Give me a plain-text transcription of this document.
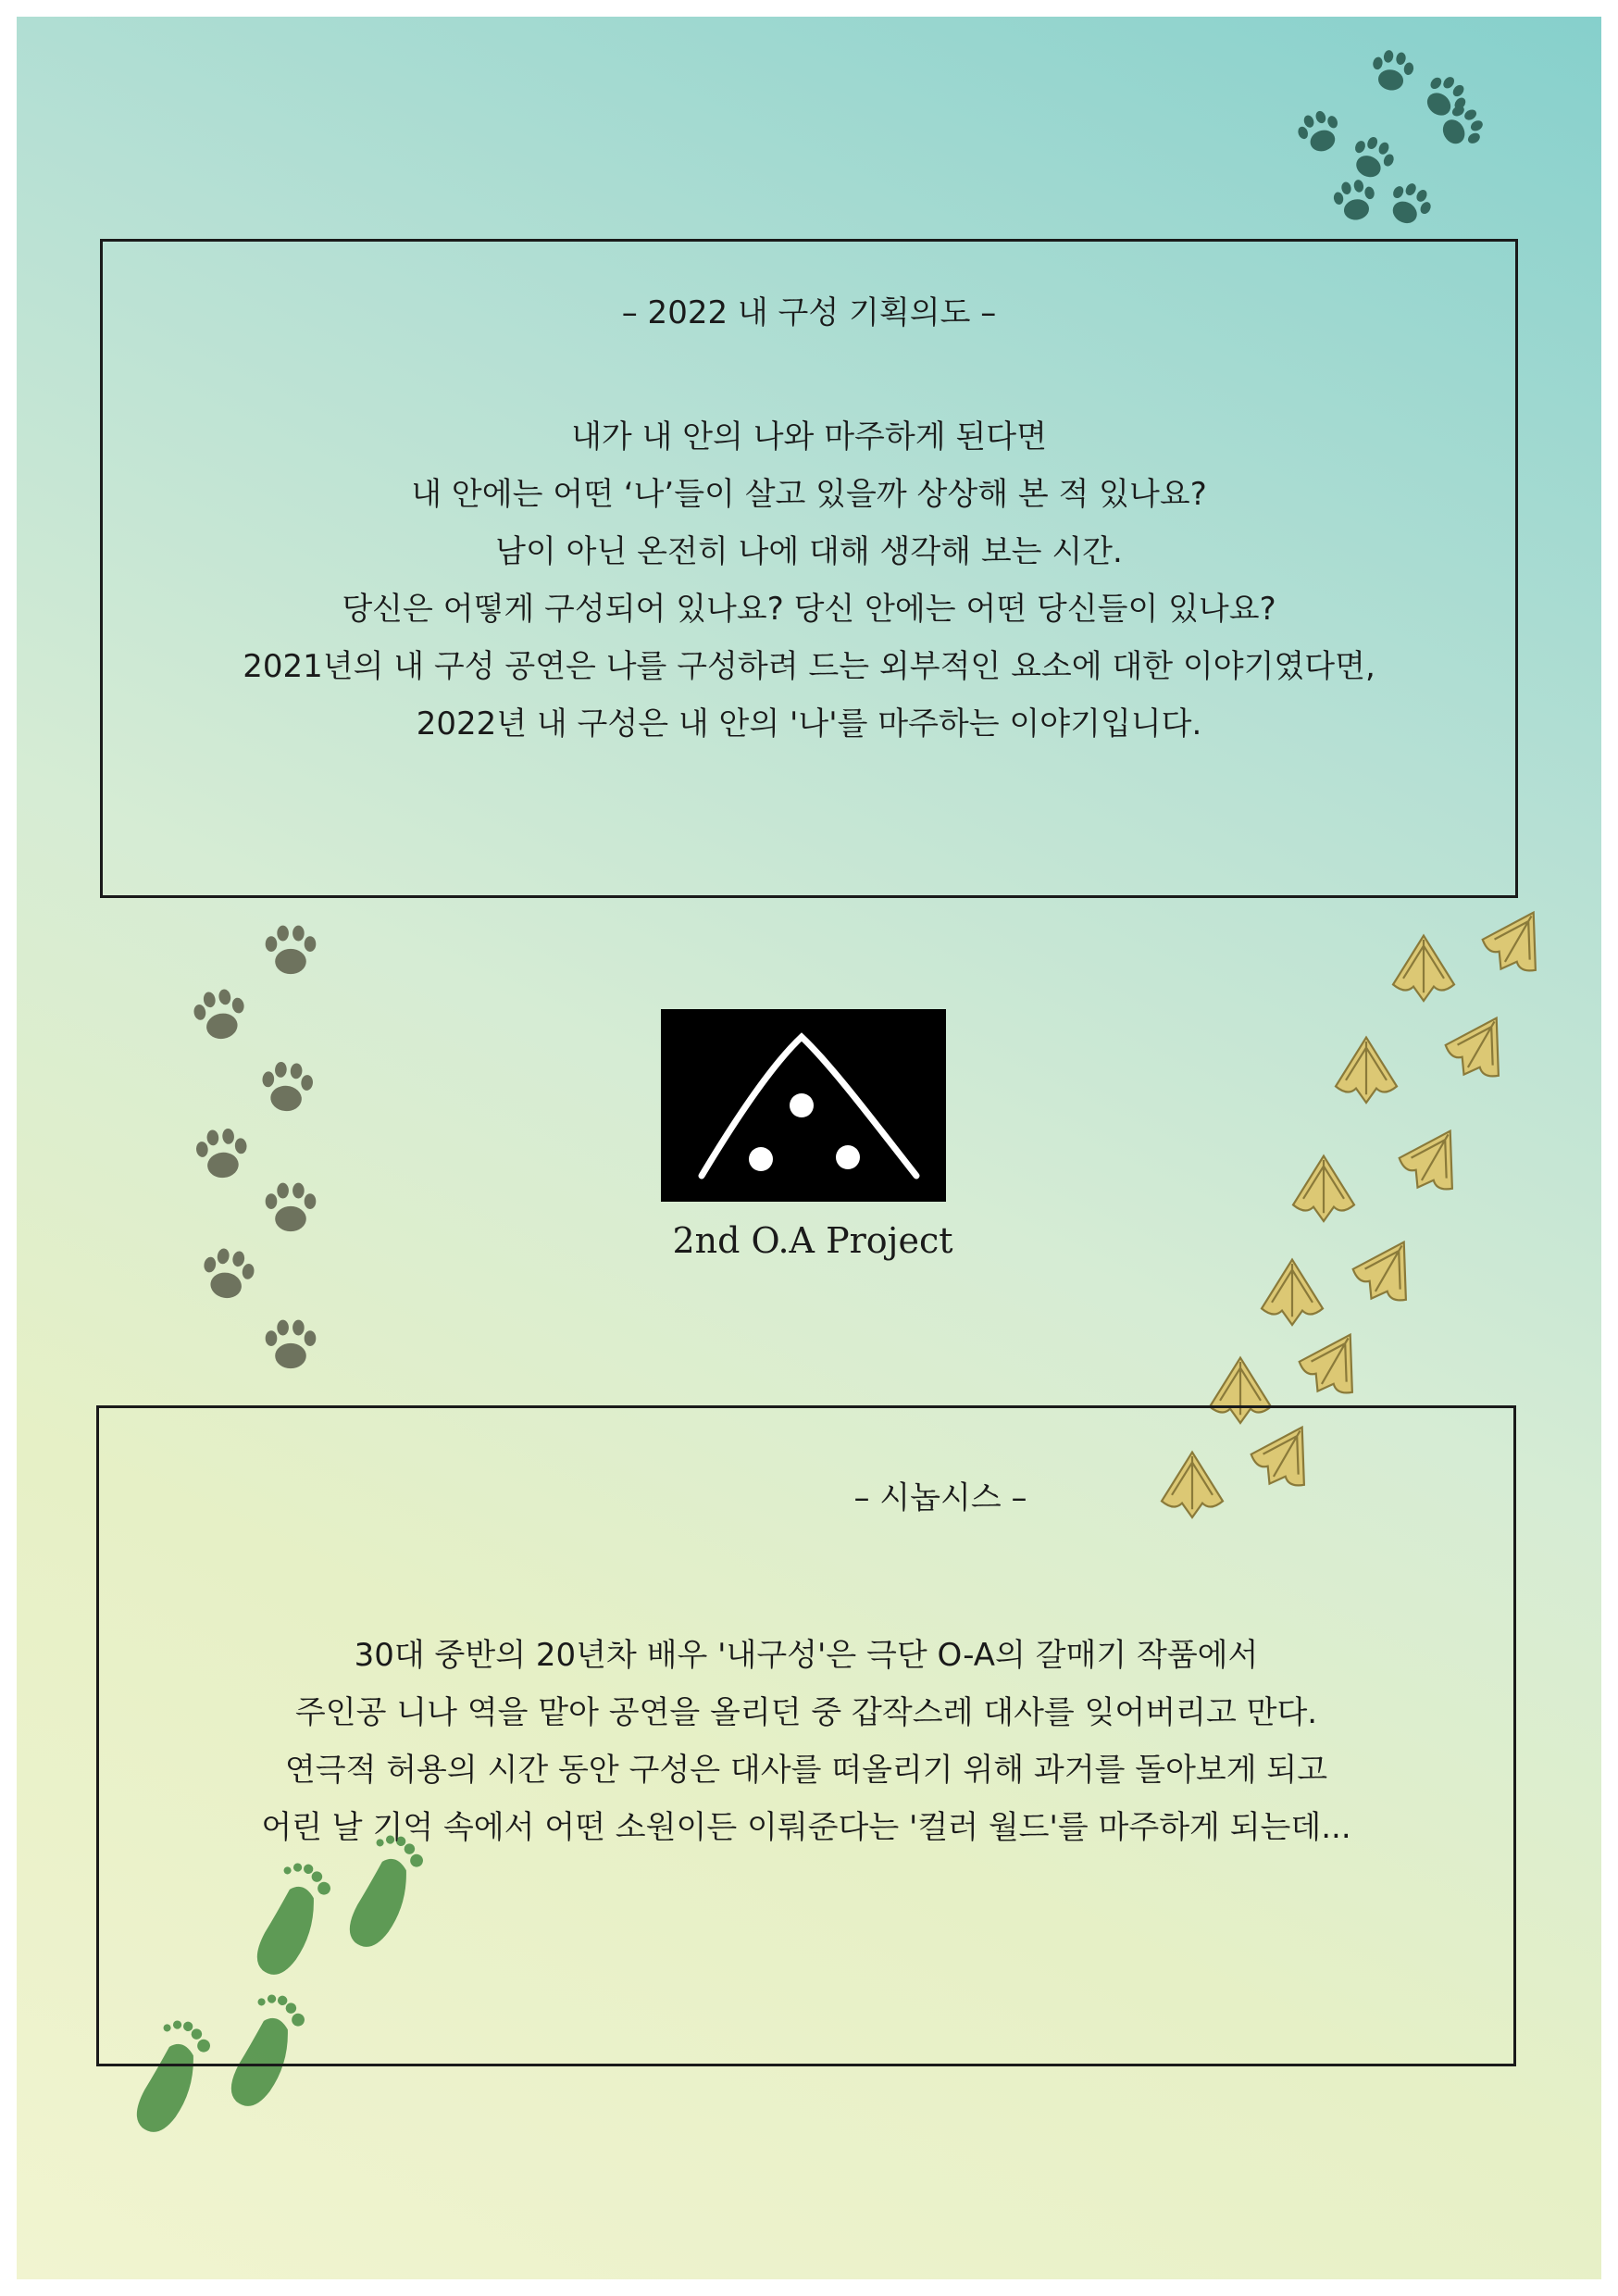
– 2022 내 구성 기획의도 –
내가 내 안의 나와 마주하게 된다면
내 안에는 어떤 ‘나’들이 살고 있을까 상상해 본 적 있나요?
남이 아닌 온전히 나에 대해 생각해 보는 시간.
당신은 어떻게 구성되어 있나요? 당신 안에는 어떤 당신들이 있나요?
2021년의 내 구성 공연은 나를 구성하려 드는 외부적인 요소에 대한 이야기였다면,
2022년 내 구성은 내 안의 '나'를 마주하는 이야기입니다.
2nd O.A Project
– 시놉시스 –
30대 중반의 20년차 배우 '내구성'은 극단 O-A의 갈매기 작품에서
주인공 니나 역을 맡아 공연을 올리던 중 갑작스레 대사를 잊어버리고 만다.
연극적 허용의 시간 동안 구성은 대사를 떠올리기 위해 과거를 돌아보게 되고
어린 날 기억 속에서 어떤 소원이든 이뤄준다는 '컬러 월드'를 마주하게 되는데...
